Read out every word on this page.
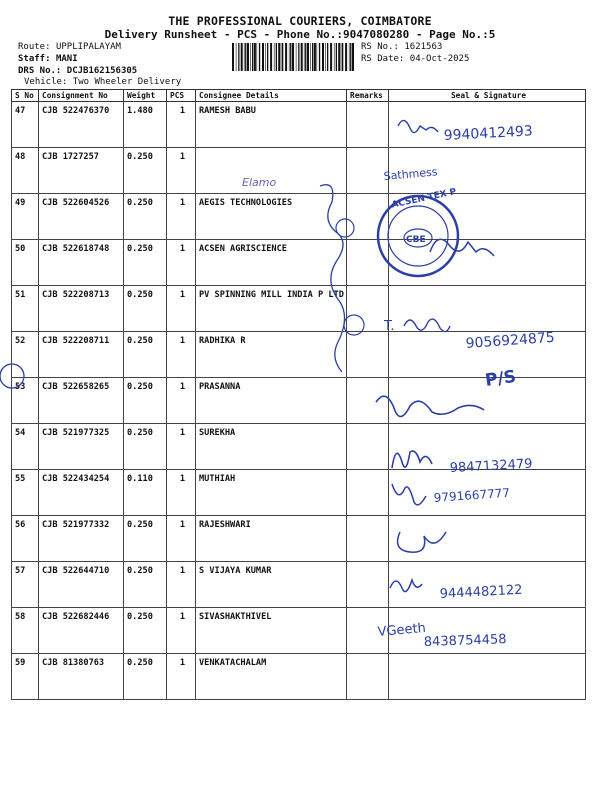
THE PROFESSIONAL COURIERS, COIMBATORE
Delivery Runsheet - PCS - Phone No.:9047080280 - Page No.:5
Route: UPPLIPALAYAM
Staff: MANI
DRS No.: DCJB162156305
Vehicle: Two Wheeler Delivery
RS No.: 1621563
RS Date: 04-Oct-2025
S No	Consignment No	Weight	PCS	Consignee Details	Remarks	Seal & Signature
47	CJB 522476370	1.480	1	RAMESH BABU		
48	CJB 1727257	0.250	1			
49	CJB 522604526	0.250	1	AEGIS TECHNOLOGIES		
50	CJB 522618748	0.250	1	ACSEN AGRISCIENCE		
51	CJB 522208713	0.250	1	PV SPINNING MILL INDIA P LTD		
52	CJB 522208711	0.250	1	RADHIKA R		
53	CJB 522658265	0.250	1	PRASANNA		
54	CJB 521977325	0.250	1	SUREKHA		
55	CJB 522434254	0.110	1	MUTHIAH		
56	CJB 521977332	0.250	1	RAJESHWARI		
57	CJB 522644710	0.250	1	S VIJAYA KUMAR		
58	CJB 522682446	0.250	1	SIVASHAKTHIVEL		
59	CJB 81380763	0.250	1	VENKATACHALAM		
9940412493
Sathmess
Elamo
ACSEN TEX P
CBE
T.
9056924875
P/S
9847132479
9791667777
9444482122
VGeeth
8438754458
